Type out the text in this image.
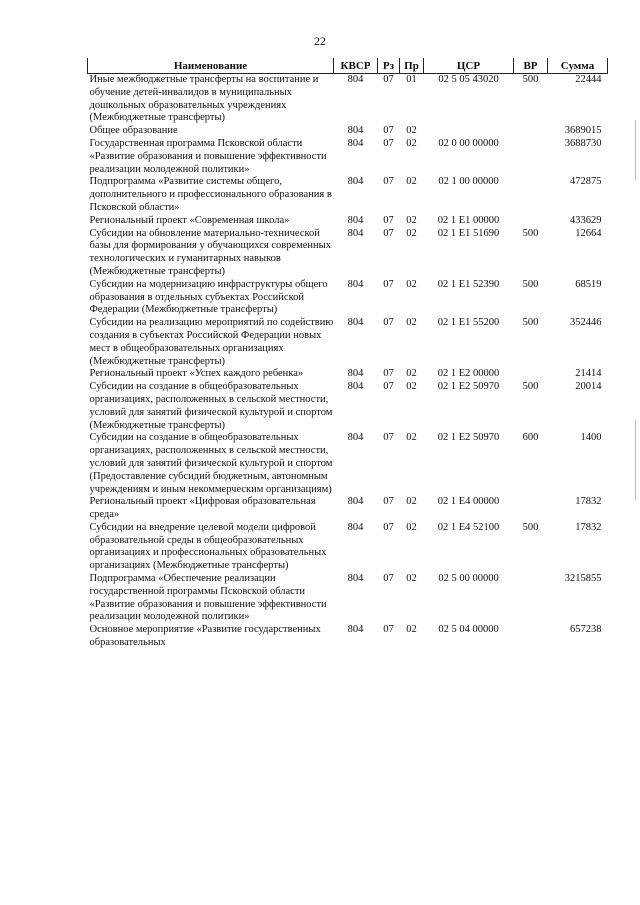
22
Наименование	КВСР	Рз	Пр	ЦСР	ВР	Сумма
Иные межбюджетные трансферты на воспитание и обучение детей-инвалидов в муниципальных дошкольных образовательных учреждениях (Межбюджетные трансферты)	804	07	01	02 5 05 43020	500	22444
Общее образование	804	07	02			3689015
Государственная программа Псковской области «Развитие образования и повышение эффективности реализации молодежной политики»	804	07	02	02 0 00 00000		3688730
Подпрограмма «Развитие системы общего, дополнительного и профессионального образования в Псковской области»	804	07	02	02 1 00 00000		472875
Региональный проект «Современная школа»	804	07	02	02 1 Е1 00000		433629
Субсидии на обновление материально-технической базы для формирования у обучающихся современных технологических и гуманитарных навыков (Межбюджетные трансферты)	804	07	02	02 1 Е1 51690	500	12664
Субсидии на модернизацию инфраструктуры общего образования в отдельных субъектах Российской Федерации (Межбюджетные трансферты)	804	07	02	02 1 Е1 52390	500	68519
Субсидии на реализацию мероприятий по содействию создания в субъектах Российской Федерации новых мест в общеобразовательных организациях (Межбюджетные трансферты)	804	07	02	02 1 Е1 55200	500	352446
Региональный проект «Успех каждого ребенка»	804	07	02	02 1 Е2 00000		21414
Субсидии на создание в общеобразовательных организациях, расположенных в сельской местности, условий для занятий физической культурой и спортом (Межбюджетные трансферты)	804	07	02	02 1 Е2 50970	500	20014
Субсидии на создание в общеобразовательных организациях, расположенных в сельской местности, условий для занятий физической культурой и спортом (Предоставление субсидий бюджетным, автономным учреждениям и иным некоммерческим организациям)	804	07	02	02 1 Е2 50970	600	1400
Региональный проект «Цифровая образовательная среда»	804	07	02	02 1 Е4 00000		17832
Субсидии на внедрение целевой модели цифровой образовательной среды в общеобразовательных организациях и профессиональных образовательных организациях (Межбюджетные трансферты)	804	07	02	02 1 Е4 52100	500	17832
Подпрограмма «Обеспечение реализации государственной программы Псковской области «Развитие образования и повышение эффективности реализации молодежной политики»	804	07	02	02 5 00 00000		3215855
Основное мероприятие «Развитие государственных образовательных	804	07	02	02 5 04 00000		657238
